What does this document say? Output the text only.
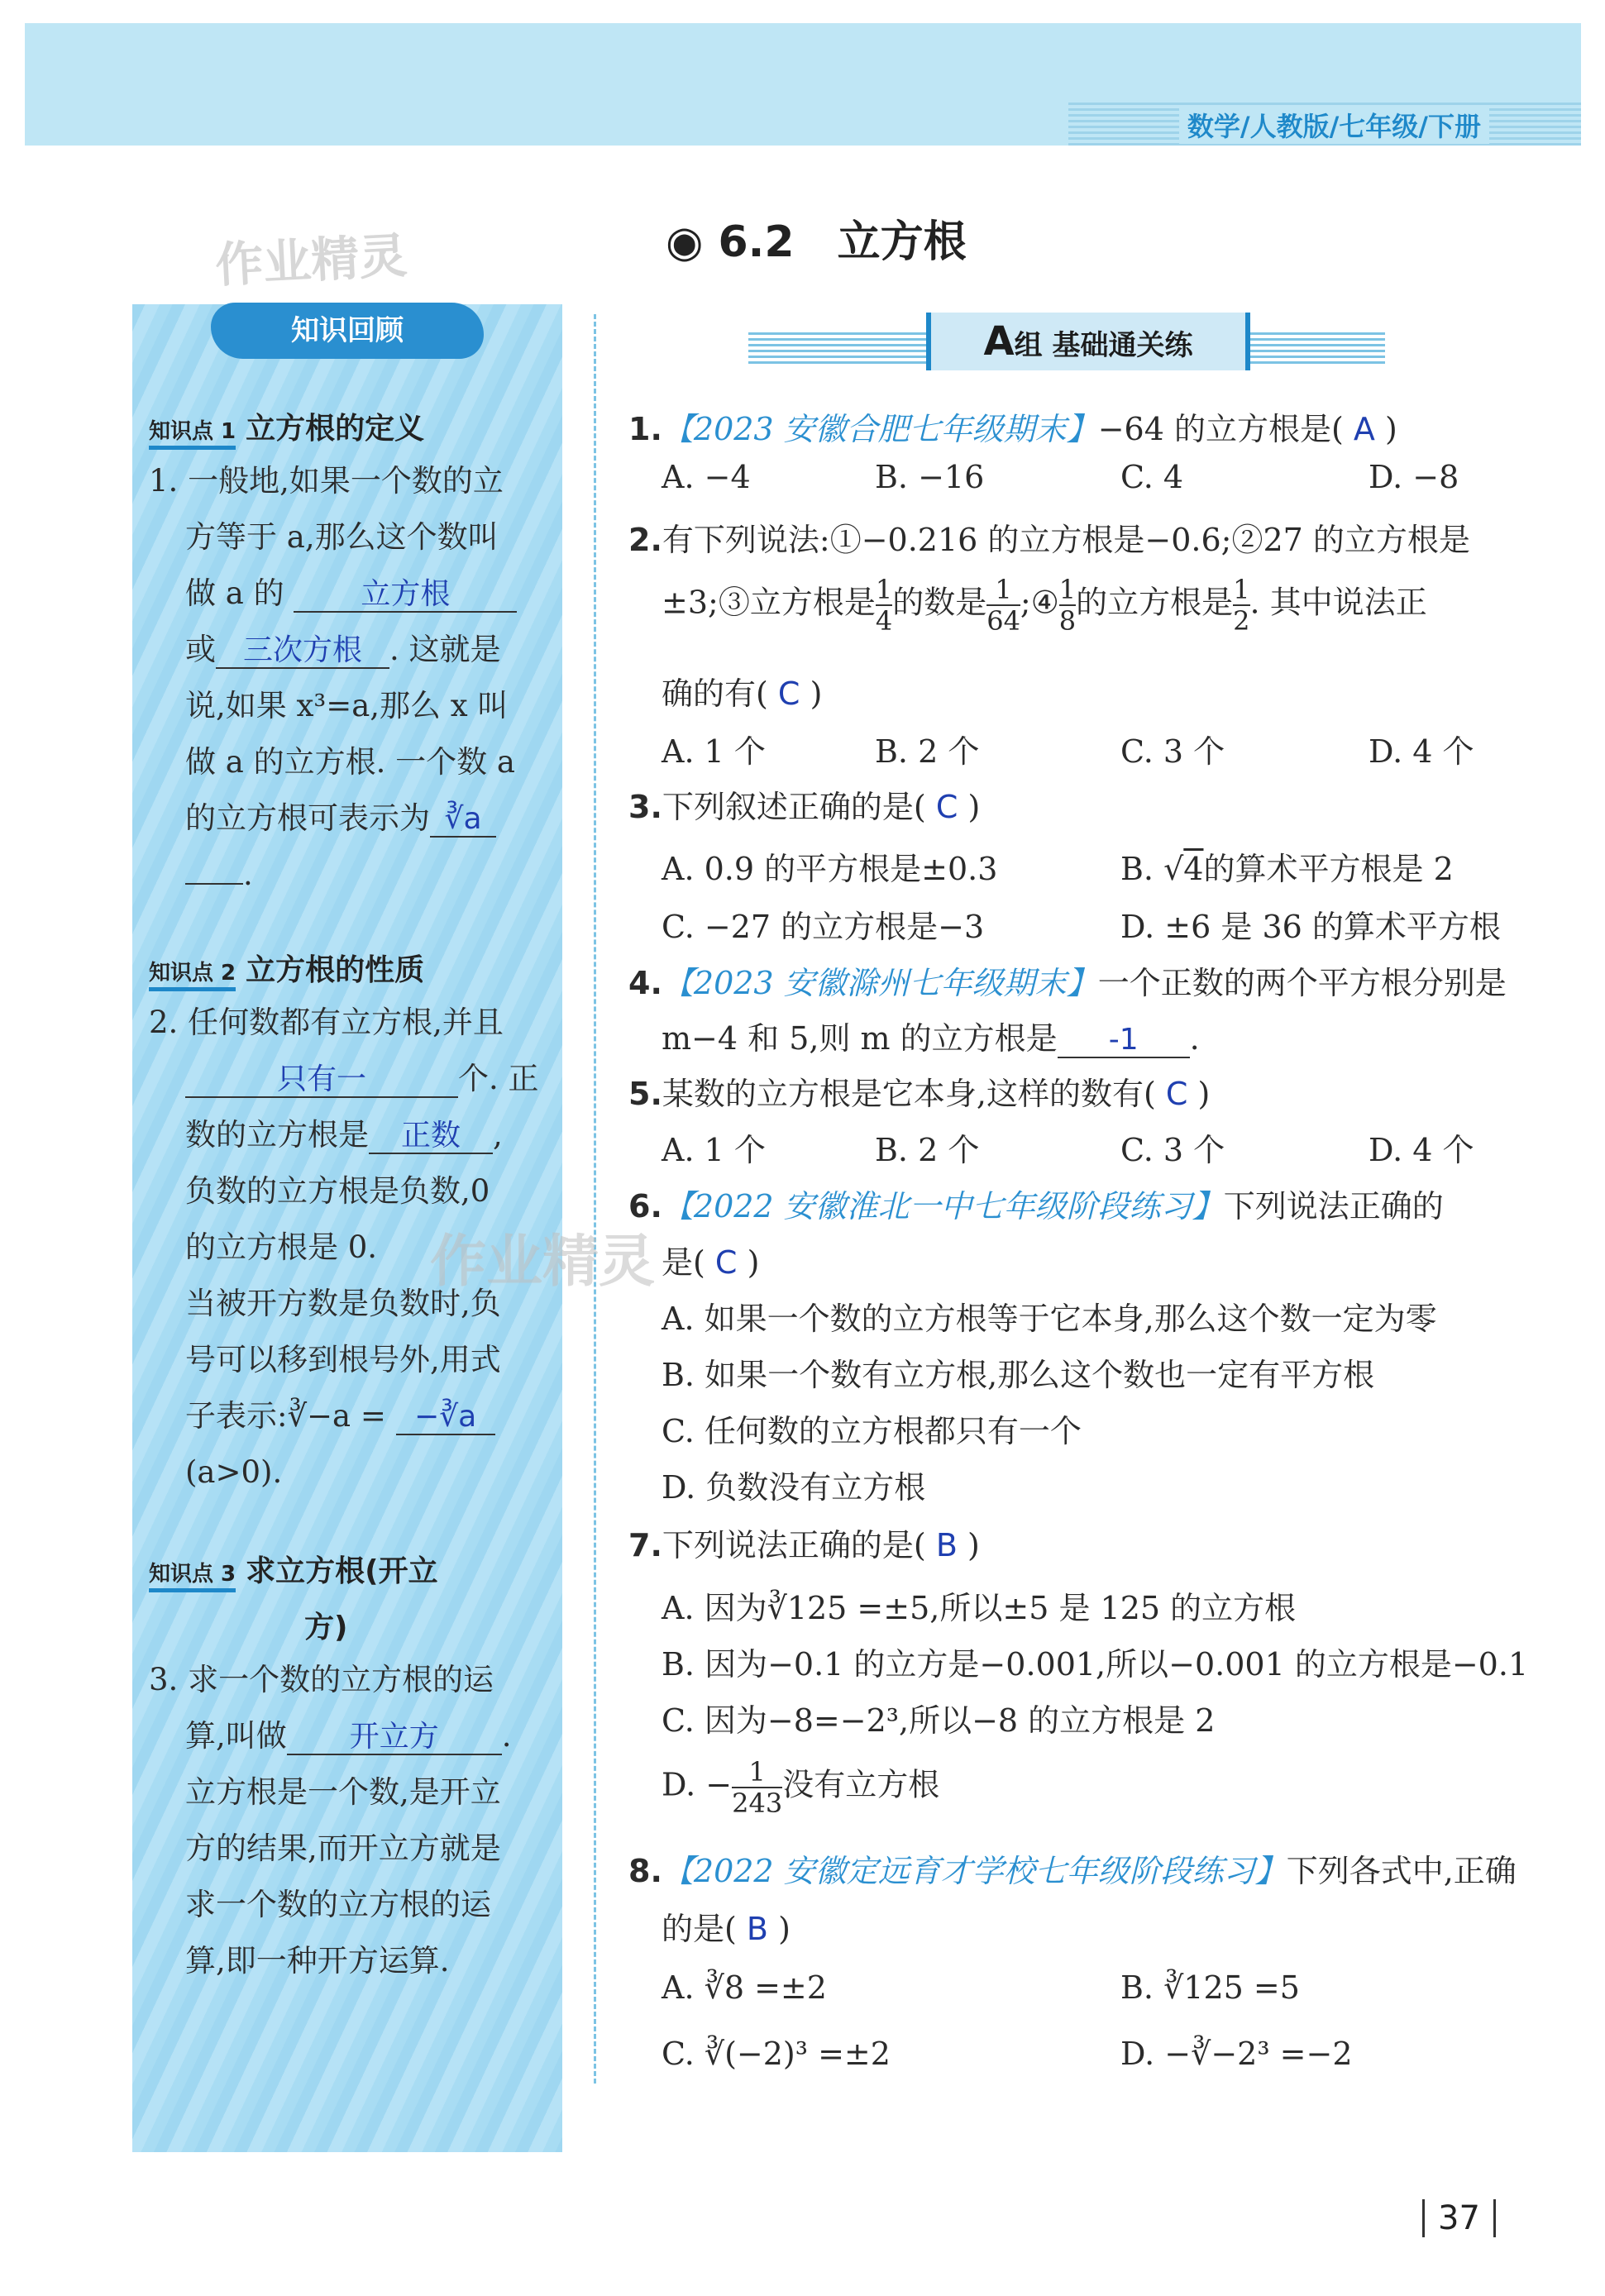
数学/人教版/七年级/下册
作业精灵
知识回顾
知识点 1 立方根的定义
1. 一般地,如果一个数的立
方等于 a,那么这个数叫
做 a 的	立方根
或 三次方根 . 这就是
说,如果 x³=a,那么 x 叫
做 a 的立方根. 一个数 a
的立方根可表示为 ∛a
.
知识点 2 立方根的性质
2. 任何数都有立方根,并且
只有一	个. 正
数的立方根是 正数 ,
负数的立方根是负数,0
的立方根是 0.
当被开方数是负数时,负
号可以移到根号外,用式
子表示:∛−a = −∛a
(a>0).
知识点 3 求立方根(开立
方)
3. 求一个数的立方根的运
算,叫做 开立方 .
立方根是一个数,是开立
方的结果,而开立方就是
求一个数的立方根的运
算,即一种开方运算.
◉ 6.2　立方根
A组 基础通关练
作业精灵
1.【2023 安徽合肥七年级期末】−64 的立方根是( A )
A. −4	B. −16	C. 4	D. −8
2.有下列说法:①−0.216 的立方根是−0.6;②27 的立方根是
±3;③立方根是 $\frac{1}{4}$ 的数是 $\frac{1}{64}$ ;④ $\frac{1}{8}$ 的立方根是 $\frac{1}{2}$ . 其中说法正
确的有( C )
A. 1 个	B. 2 个	C. 3 个	D. 4 个
3.下列叙述正确的是( C )
A. 0.9 的平方根是±0.3	B. √4的算术平方根是 2
C. −27 的立方根是−3	D. ±6 是 36 的算术平方根
4.【2023 安徽滁州七年级期末】一个正数的两个平方根分别是
m−4 和 5,则 m 的立方根是 -1 .
5.某数的立方根是它本身,这样的数有( C )
A. 1 个	B. 2 个	C. 3 个	D. 4 个
6.【2022 安徽淮北一中七年级阶段练习】下列说法正确的
是( C )
A. 如果一个数的立方根等于它本身,那么这个数一定为零
B. 如果一个数有立方根,那么这个数也一定有平方根
C. 任何数的立方根都只有一个
D. 负数没有立方根
7.下列说法正确的是( B )
A. 因为∛125 =±5,所以±5 是 125 的立方根
B. 因为−0.1 的立方是−0.001,所以−0.001 的立方根是−0.1
C. 因为−8=−2³,所以−8 的立方根是 2
D. − $\frac{1}{243}$ 没有立方根
8.【2022 安徽定远育才学校七年级阶段练习】下列各式中,正确
的是( B )
A. ∛8 =±2	B. ∛125 =5
C. ∛(−2)³ =±2	D. −∛−2³ =−2
37
